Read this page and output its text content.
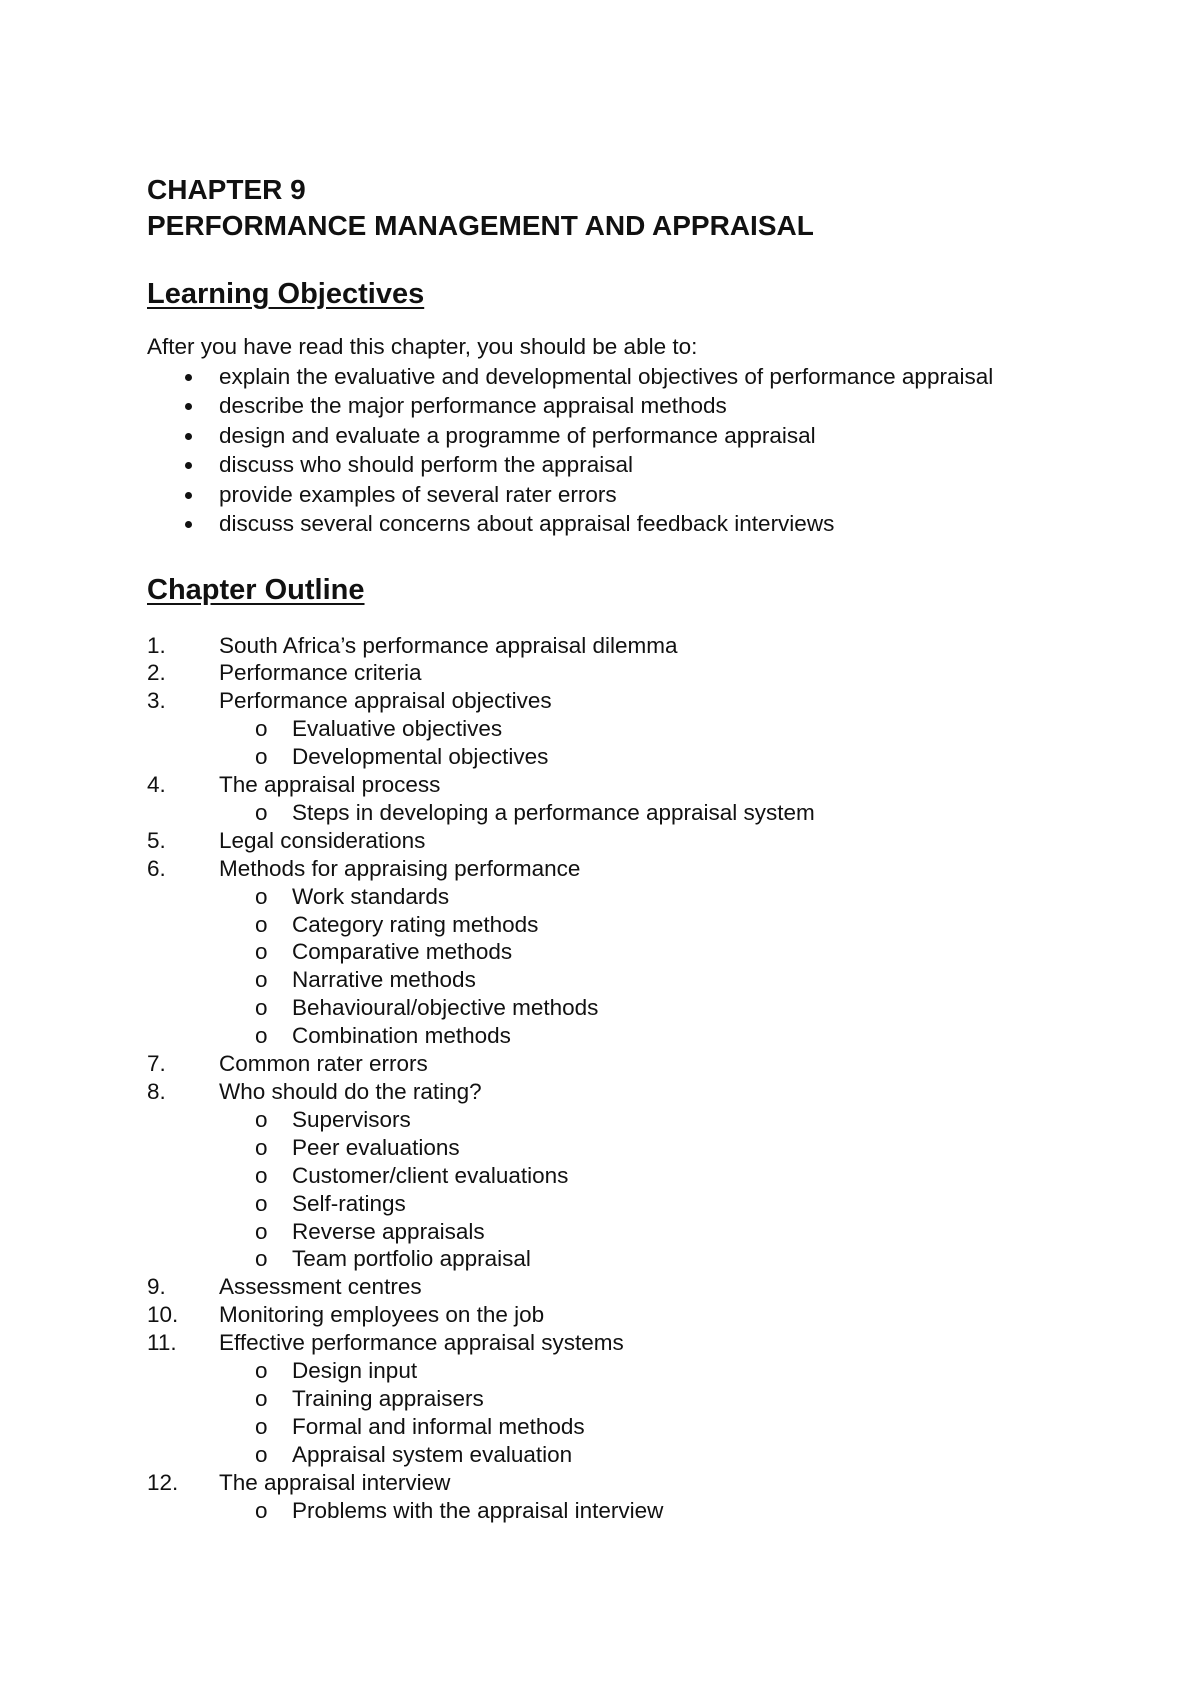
CHAPTER 9
PERFORMANCE MANAGEMENT AND APPRAISAL
Learning Objectives

After you have read this chapter, you should be able to:

explain the evaluative and developmental objectives of performance appraisal
describe the major performance appraisal methods
design and evaluate a programme of performance appraisal
discuss who should perform the appraisal
provide examples of several rater errors
discuss several concerns about appraisal feedback interviews
Chapter Outline
1. South Africa’s performance appraisal dilemma
2. Performance criteria
3. Performance appraisal objectives
o Evaluative objectives
o Developmental objectives
4. The appraisal process
o Steps in developing a performance appraisal system
5. Legal considerations
6. Methods for appraising performance
o Work standards
o Category rating methods
o Comparative methods
o Narrative methods
o Behavioural/objective methods
o Combination methods
7. Common rater errors
8. Who should do the rating?
o Supervisors
o Peer evaluations
o Customer/client evaluations
o Self-ratings
o Reverse appraisals
o Team portfolio appraisal
9. Assessment centres
10. Monitoring employees on the job
11. Effective performance appraisal systems
o Design input
o Training appraisers
o Formal and informal methods
o Appraisal system evaluation
12. The appraisal interview
o Problems with the appraisal interview
